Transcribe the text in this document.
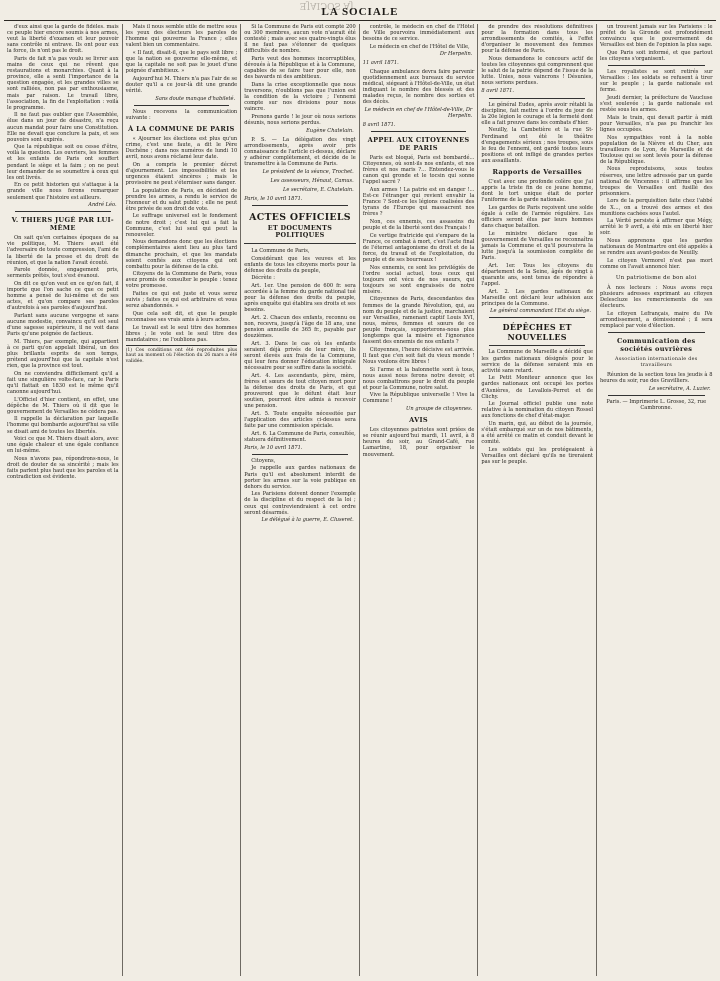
ƎJAIƆOS AJ
LA SOCIALE

d'eux ainsi que la garde de fidèles. mais ce peuple hier encore soumis à nos armes, veut la liberté d'examen et leur pouvoir sans contrôle ni entrave. Ils ont pour eux la force, ils n'ont pas le droit.

Paris de fait n'a pas voulu se livrer aux mains de ceux qui ne rêvent que restaurations et monarchies. Quant à la province, elle a senti l'importance de la question engagée, et les grandes villes se sont ralliées, non pas par enthousiasme, mais par raison. Le travail libre, l'association, la fin de l'exploitation : voilà le programme.

Il ne faut pas oublier que l'Assemblée, élue dans un jour de désastre, n'a reçu aucun mandat pour faire une Constitution. Elle ne devait que conclure la paix, et ses pouvoirs sont expirés.

Que la république soit ou cesse d'être, voilà la question. Les ouvriers, les femmes et les enfants de Paris ont souffert pendant le siège et la faim ; on ne peut leur demander de se soumettre à ceux qui les ont livrés.

En ce petit historien qui s'attaque à la grande ville nous ferons remarquer seulement que l'histoire est ailleurs.

André Léo.
V. THIERS JUGÉ PAR LUI-MÊME

On sait qu'en certaines époques de sa vie politique, M. Thiers avait été l'adversaire de toute compression, l'ami de la liberté de la presse et du droit de réunion, et que la nation l'avait écouté.

Parole donnée, engagement pris, serments prêtés, tout s'est évanoui.

On dit ce qu'on veut en ce qu'on fait, il importe que l'on sache ce que ce petit homme a pensé de lui-même et de ses actes, et qu'on compare ses paroles d'autrefois à ses paroles d'aujourd'hui.

Parlant sans aucune vergogne et sans aucune modestie, convaincu qu'il est seul d'une sagesse supérieure, il ne voit dans Paris qu'une poignée de factieux.

M. Thiers, par exemple, qui appartient à ce parti qu'on appelait libéral, un des plus brillants esprits de son temps, prétend aujourd'hui que la capitale n'est rien, que la province est tout.

On ne conviendra difficilement qu'il a fait une singulière volte-face, car le Paris qu'il flattait en 1830 est le même qu'il canonne aujourd'hui.

L'Officiel d'hier contient, en effet, une dépêche de M. Thiers où il dit que le gouvernement de Versailles ne cédera pas.

Il rappelle la déclaration par laquelle l'homme qui bombarde aujourd'hui sa ville se disait ami de toutes les libertés.

Voici ce que M. Thiers disait alors, avec une égale chaleur et une égale confiance en lui-même.

Nous n'avons pas, répondrons-nous, le droit de douter de sa sincérité ; mais les faits parlent plus haut que les paroles et la contradiction est évidente.

Mais il nous semble utile de mettre sous les yeux des électeurs les paroles de l'homme qui gouverne la France ; elles valent bien un commentaire.

« Il faut, disait-il, que le pays soit libre ; que la nation se gouverne elle-même, et que la capitale ne soit pas le jouet d'une poignée d'ambitieux. »

Aujourd'hui M. Thiers n'a pas l'air de se douter qu'il a ce jour-là dit une grande vérité.

Sans doute manque d'habileté.

Nous recevons la communication suivante :

À LA COMMUNE DE PARIS

« Ajourner les élections est plus qu'un crime, c'est une faute, a dit le Père Duchêne ; dans nos numéros de lundi 10 avril, nous avons réclamé leur date.

On a compris le premier décret d'ajournement. Les impossibilités et les urgences étaient sincères ; mais le provisoire ne peut s'éterniser sans danger.

La population de Paris, en décidant de prendre les armes, a rendu le service de l'honneur et du salut public ; elle ne peut être privée de son droit de vote.

Le suffrage universel est le fondement de notre droit ; c'est lui qui a fait la Commune, c'est lui seul qui peut la renouveler.

Nous demandons donc que les élections complémentaires aient lieu au plus tard dimanche prochain, et que les mandats soient confiés aux citoyens qui ont combattu pour la défense de la cité.

Citoyens de la Commune de Paris, vous avez promis de consulter le peuple : tenez votre promesse.

Faites ce qui est juste et vous serez suivis ; faites ce qui est arbitraire et vous serez abandonnés. »

Que cela soit dit, et que le peuple reconnaisse ses vrais amis à leurs actes.

Le travail est le seul titre des hommes libres ; le vote est le seul titre des mandataires ; ne l'oublions pas.

(1) Ces conditions ont été reproduites plus haut au moment où l'élection du 26 mars a été validée.

Si la Commune de Paris eût compté 200 ou 300 membres, aucun vote n'aurait été contesté ; mais avec ses quatre-vingts élus il ne faut pas s'étonner de quelques difficultés de nombre.

Paris veut des hommes incorruptibles, dévoués à la République et à la Commune, capables de se faire tuer pour elle, non des bavards ni des ambitieux.

Dans la crise exceptionnelle que nous traversons, n'oublions pas que l'union est la condition de la victoire ; l'ennemi compte sur nos divisions pour nous vaincre.

Prenons garde ! le jour où nous serions désunis, nous serions perdus.

Eugène Chatelain.

P. S. — La délégation des vingt arrondissements, après avoir pris connaissance de l'article ci-dessus, déclare y adhérer complètement, et décide de le transmettre à la Commune de Paris.

Le président de la séance, Trochet.
Les assesseurs, Hénaut, Camus.
Le secrétaire, E. Chatelain.
Paris, le 10 avril 1871.
ACTES OFFICIELS
ET DOCUMENTS POLITIQUES

La Commune de Paris,

Considérant que les veuves et les enfants de tous les citoyens morts pour la défense des droits du peuple,

Décrète :

Art. 1er. Une pension de 600 fr. sera accordée à la femme du garde national tué pour la défense des droits du peuple, après enquête qui établira ses droits et ses besoins.

Art. 2. Chacun des enfants, reconnu ou non, recevra, jusqu'à l'âge de 18 ans, une pension annuelle de 365 fr., payable par douzièmes.

Art. 3. Dans le cas où les enfants seraient déjà privés de leur mère, ils seront élevés aux frais de la Commune, qui leur fera donner l'éducation intégrale nécessaire pour se suffire dans la société.

Art. 4. Les ascendants, père, mère, frères et sœurs de tout citoyen mort pour la défense des droits de Paris, et qui prouveront que le défunt était leur soutien, pourront être admis à recevoir une pension.

Art. 5. Toute enquête nécessitée par l'application des articles ci-dessus sera faite par une commission spéciale.

Art. 6. La Commune de Paris, consultée, statuera définitivement.

Paris, le 10 avril 1871.

Citoyens,

Je rappelle aux gardes nationaux de Paris qu'il est absolument interdit de porter les armes sur la voie publique en dehors du service.

Les Parisiens doivent donner l'exemple de la discipline et du respect de la loi ; ceux qui contreviendraient à cet ordre seront désarmés.

Le délégué à la guerre, E. Cluseret.

contrôle, le médecin en chef de l'Hôtel de Ville pourvoira immédiatement aux besoins de ce service.

Le médecin en chef de l'Hôtel de Ville,

Dr Herpelin.
11 avril 1871.

Chaque ambulance devra faire parvenir quotidiennement aux bureaux du service médical, siégeant à l'Hôtel-de-Ville, un état indiquant le nombre des blessés et des malades reçus, le nombre des sorties et des décès.

Le médecin en chef de l'Hôtel-de-Ville, Dr Herpelin.
8 avril 1871.
APPEL AUX CITOYENNES DE PARIS

Paris est bloqué, Paris est bombardé... Citoyennes, où sont-ils nos enfants, et nos frères et nos maris ?... Entendez-vous le canon qui gronde et le tocsin qui sonne l'appel sacré ?

Aux armes ! La patrie est en danger !... Est-ce l'étranger qui revient envahir la France ? Sont-ce les légions coalisées des tyrans de l'Europe qui massacrent nos frères ?

Non, ces ennemis, ces assassins du peuple et de la liberté sont des Français !

Ce vertige fratricide qui s'empare de la France, ce combat à mort, c'est l'acte final de l'éternel antagonisme du droit et de la force, du travail et de l'exploitation, du peuple et de ses bourreaux !

Nos ennemis, ce sont les privilégiés de l'ordre social actuel, tous ceux qui toujours ont vécu de nos sueurs, qui toujours se sont engraissés de notre misère.

Citoyennes de Paris, descendantes des femmes de la grande Révolution, qui, au nom du peuple et de la justice, marchaient sur Versailles, ramenant captif Louis XVI, nous, mères, femmes et sœurs de ce peuple français, supporterons-nous plus longtemps que la misère et l'ignorance fassent des ennemis de nos enfants ?

Citoyennes, l'heure décisive est arrivée. Il faut que c'en soit fait du vieux monde ! Nous voulons être libres !

Si l'arme et la baïonnette sont à tous, nous aussi nous ferons notre devoir, et nous combattrons pour le droit du peuple et pour la Commune, notre salut.

Vive la République universelle ! Vive la Commune !

Un groupe de citoyennes.
AVIS

Les citoyennes patriotes sont priées de se réunir aujourd'hui mardi, 11 avril, à 8 heures du soir, au Grand-Café, rue Lamartine, 18, pour organiser le mouvement.

de prendre des résolutions définitives pour la formation dans tous les arrondissements de comités, à l'effet d'organiser le mouvement des femmes pour la défense de Paris.

Nous demandons le concours actif de toutes les citoyennes qui comprennent que le salut de la patrie dépend de l'issue de la lutte. Unies, nous vaincrons ! Désunies, nous serions perdues.

8 avril 1871.

Le général Eudes, après avoir rétabli la discipline, fait mettre à l'ordre du jour de la 20e légion le courage et la fermeté dont elle a fait preuve dans les combats d'hier.

Neuilly, la Cambetière et la rue St-Ferdinand ont été le théâtre d'engagements sérieux ; nos troupes, sous le feu de l'ennemi, ont gardé toutes leurs positions et ont infligé de grandes pertes aux assaillants.

Rapports de Versailles

C'est avec une profonde colère que j'ai appris la triste fin de ce jeune homme, dont le tort unique était de porter l'uniforme de la garde nationale.

Les gardes de Paris reçoivent une solde égale à celle de l'armée régulière. Les officiers seront élus par leurs hommes dans chaque bataillon.

Le ministre déclare que le gouvernement de Versailles ne reconnaîtra jamais la Commune et qu'il poursuivra la lutte jusqu'à la soumission complète de Paris.

Art. 1er. Tous les citoyens du département de la Seine, âgés de vingt à quarante ans, sont tenus de répondre à l'appel.

Art. 2. Les gardes nationaux de Marseille ont déclaré leur adhésion aux principes de la Commune.

Le général commandant l'Est du siège.
DÉPÊCHES ET NOUVELLES

La Commune de Marseille a décidé que les gardes nationaux désignés pour le service de la défense seraient mis en activité sans retard.

Le Petit Moniteur annonce que les gardes nationaux ont occupé les portes d'Asnières, de Levallois-Perret et de Clichy.

Le Journal officiel publie une note relative à la nomination du citoyen Rossel aux fonctions de chef d'état-major.

Un marin, qui, au début de la journée, s'était embarqué sur un de nos bâtiments, a été arrêté ce matin et conduit devant le comité.

Les soldats qui les protégeaient à Versailles ont déclaré qu'ils ne tireraient pas sur le peuple.

un trouvent jamais sur les Parisiens : le préfet de la Gironde est profondément convaincu que le gouvernement de Versailles est bien de l'opinion la plus sage.

Que Paris soit informé, et que partout les citoyens s'organisent.

Les royalistes se sont retirés sur Versailles : les soldats se refusent à tirer sur le peuple ; la garde nationale est ferme.

Jeudi dernier, la préfecture de Vaucluse s'est soulevée ; la garde nationale est restée sous les armes.

Mais le train, qui devait partir à midi pour Versailles, n'a pas pu franchir les lignes occupées.

Nos sympathies vont à la noble population de la Nièvre et du Cher, aux travailleurs de Lyon, de Marseille et de Toulouse qui se sont levés pour la défense de la République.

Nous reproduisons, sous toutes réserves, une lettre adressée par un garde national de Vincennes : il affirme que les troupes de Versailles ont fusillé des prisonniers.

Lors de la perquisition faite chez l'abbé de X..., on a trouvé des armes et des munitions cachées sous l'autel.

La Vérité persiste à affirmer que Mégy, arrêté le 9 avril, a été mis en liberté hier soir.

Nous apprenons que les gardes nationaux de Montmartre ont été appelés à se rendre aux avant-postes de Neuilly.

Le citoyen Vermorel n'est pas mort comme on l'avait annoncé hier.

Un patriotisme de bon aloi

À nos lecteurs : Nous avons reçu plusieurs adresses exprimant au citoyen Delescluze les remerciements de ses électeurs.

Le citoyen Lefrançais, maire du IVe arrondissement, a démissionné ; il sera remplacé par voie d'élection.

Communication des sociétés ouvrières
Association internationale des travailleurs

Réunion de la section tous les jeudis à 8 heures du soir, rue des Gravilliers.

Le secrétaire, A. Luzier.

Paris. — Imprimerie L. Grosse, 32, rue Cambronne.
